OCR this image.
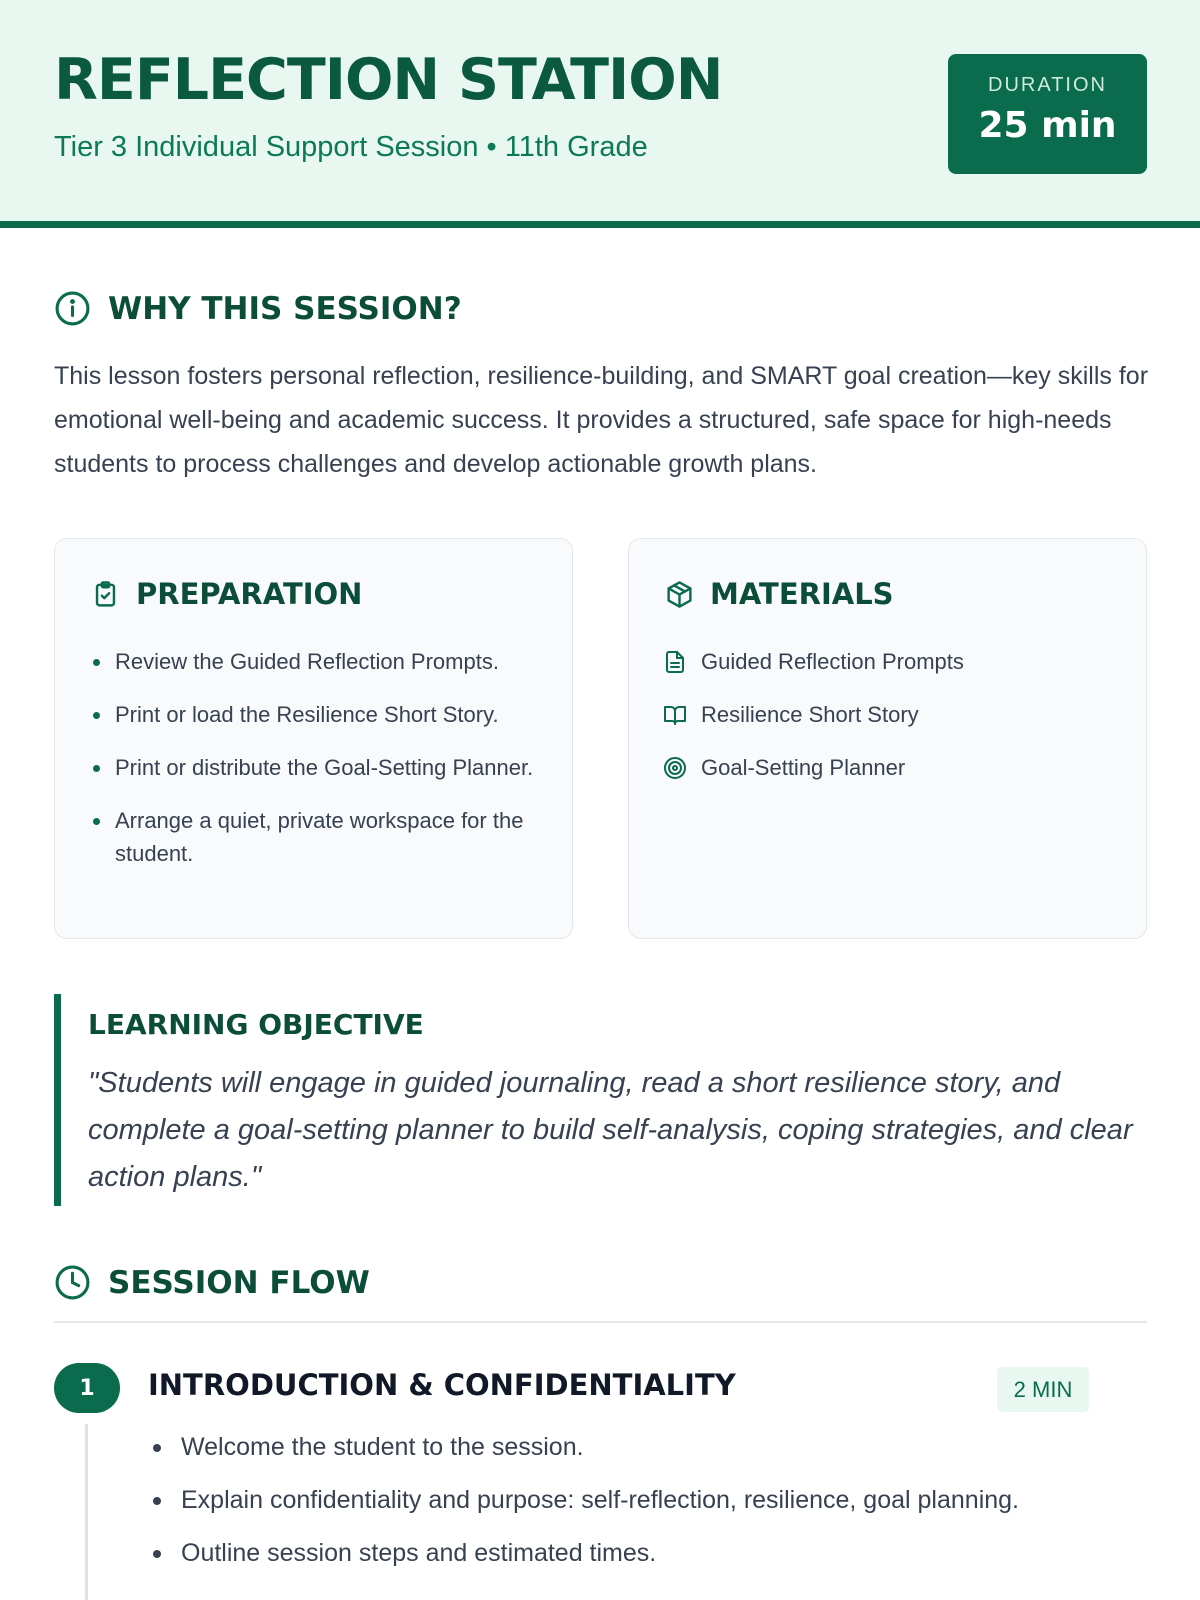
REFLECTION STATION
Tier 3 Individual Support Session • 11th Grade
DURATION
25 min
WHY THIS SESSION?
This lesson fosters personal reflection, resilience-building, and SMART goal creation—key skills for emotional well-being and academic success. It provides a structured, safe space for high-needs students to process challenges and develop actionable growth plans.
PREPARATION
Review the Guided Reflection Prompts.
Print or load the Resilience Short Story.
Print or distribute the Goal-Setting Planner.
Arrange a quiet, private workspace for the student.
MATERIALS
Guided Reflection Prompts
Resilience Short Story
Goal-Setting Planner
LEARNING OBJECTIVE
"Students will engage in guided journaling, read a short resilience story, and complete a goal-setting planner to build self-analysis, coping strategies, and clear action plans."
SESSION FLOW
1	INTRODUCTION & CONFIDENTIALITY	2 MIN
Welcome the student to the session.
Explain confidentiality and purpose: self-reflection, resilience, goal planning.
Outline session steps and estimated times.
